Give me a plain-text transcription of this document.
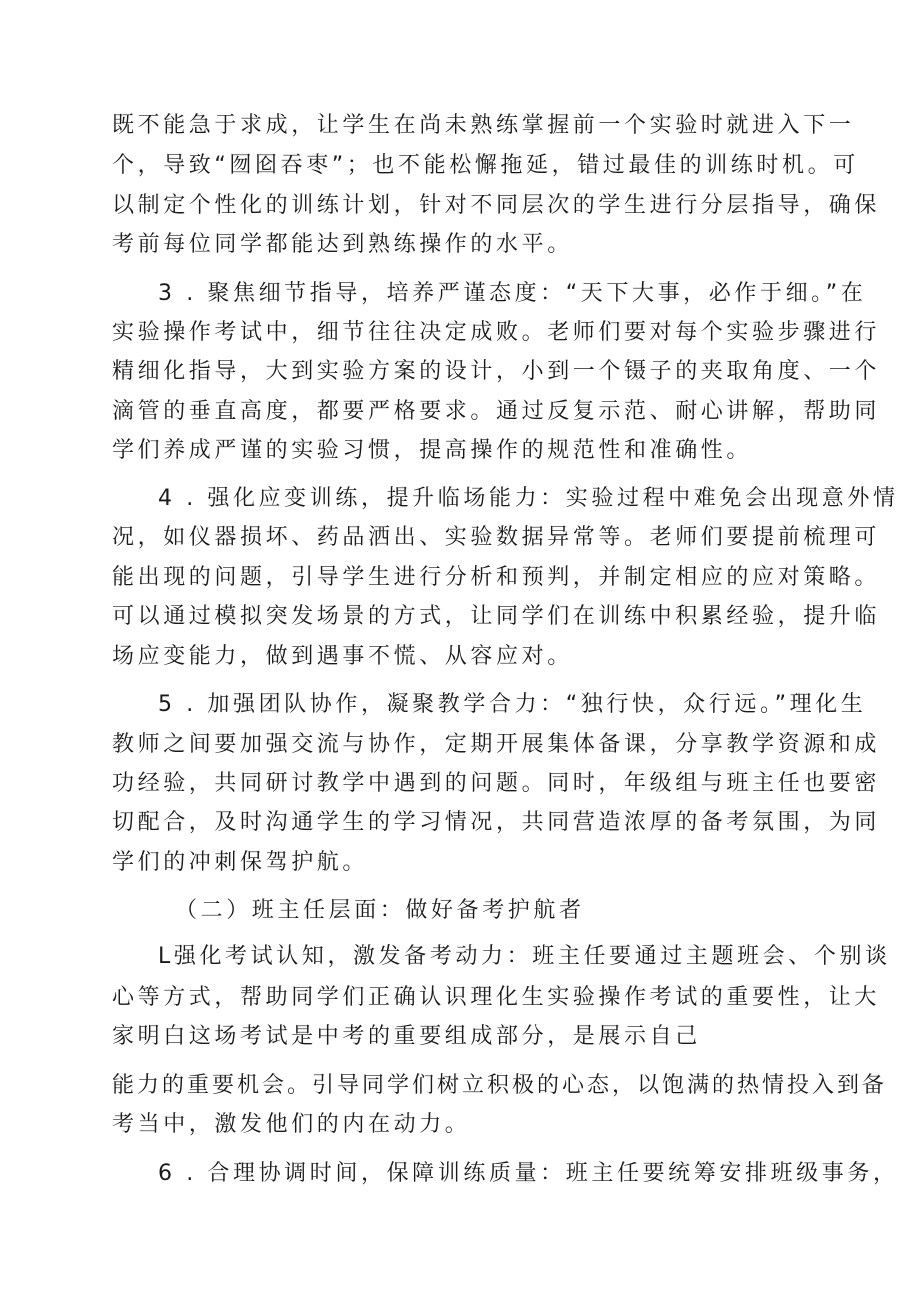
既不能急于求成，让学生在尚未熟练掌握前一个实验时就进入下一
个，导致“囫囵吞枣”；也不能松懈拖延，错过最佳的训练时机。可
以制定个性化的训练计划，针对不同层次的学生进行分层指导，确保
考前每位同学都能达到熟练操作的水平。
3 . 聚焦细节指导，培养严谨态度：“天下大事，必作于细。”在
实验操作考试中，细节往往决定成败。老师们要对每个实验步骤进行
精细化指导，大到实验方案的设计，小到一个镊子的夹取角度、一个
滴管的垂直高度，都要严格要求。通过反复示范、耐心讲解，帮助同
学们养成严谨的实验习惯，提高操作的规范性和准确性。
4 . 强化应变训练，提升临场能力：实验过程中难免会出现意外情
况，如仪器损坏、药品洒出、实验数据异常等。老师们要提前梳理可
能出现的问题，引导学生进行分析和预判，并制定相应的应对策略。
可以通过模拟突发场景的方式，让同学们在训练中积累经验，提升临
场应变能力，做到遇事不慌、从容应对。
5 . 加强团队协作，凝聚教学合力：“独行快，众行远。”理化生
教师之间要加强交流与协作，定期开展集体备课，分享教学资源和成
功经验，共同研讨教学中遇到的问题。同时，年级组与班主任也要密
切配合，及时沟通学生的学习情况，共同营造浓厚的备考氛围，为同
学们的冲刺保驾护航。
（二）班主任层面：做好备考护航者
L强化考试认知，激发备考动力：班主任要通过主题班会、个别谈
心等方式，帮助同学们正确认识理化生实验操作考试的重要性，让大
家明白这场考试是中考的重要组成部分，是展示自己
能力的重要机会。引导同学们树立积极的心态，以饱满的热情投入到备
考当中，激发他们的内在动力。
6 . 合理协调时间，保障训练质量：班主任要统筹安排班级事务，
